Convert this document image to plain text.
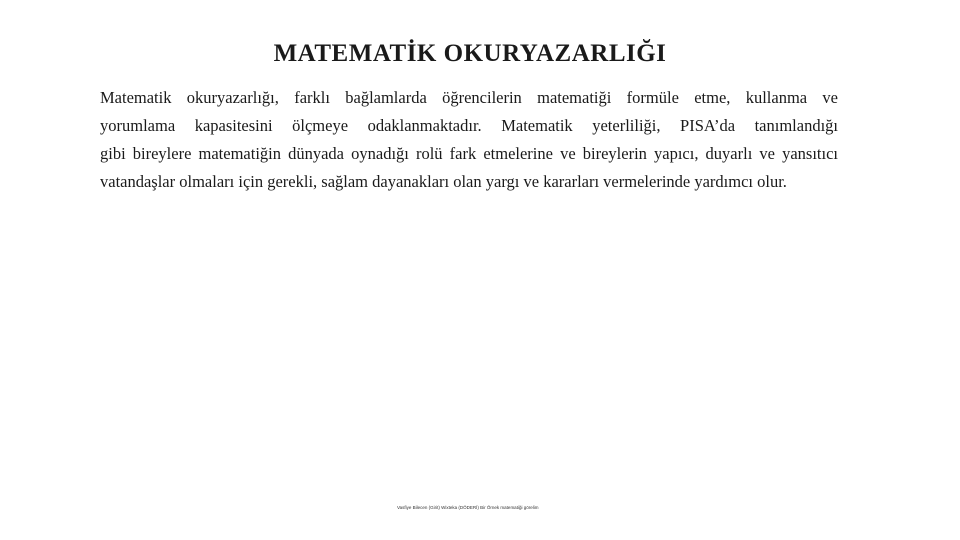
MATEMATİK OKURYAZARLIĞI

Matematik okuryazarlığı, farklı bağlamlarda öğrencilerin matematiği formüle etme, kullanma ve
yorumlama kapasitesini ölçmeye odaklanmaktadır. Matematik yeterliliği, PISA’da tanımlandığı
gibi bireylere matematiğin dünyada oynadığı rolü fark etmelerine ve bireylerin yapıcı, duyarlı ve yansıtıcı
vatandaşlar olmaları için gerekli, sağlam dayanakları olan yargı ve kararları vermelerinde yardımcı olur.

Vasfiye Bilecen (Girit) Wixteka (DÖDERİ) Bir Örnek matematiği görelim
